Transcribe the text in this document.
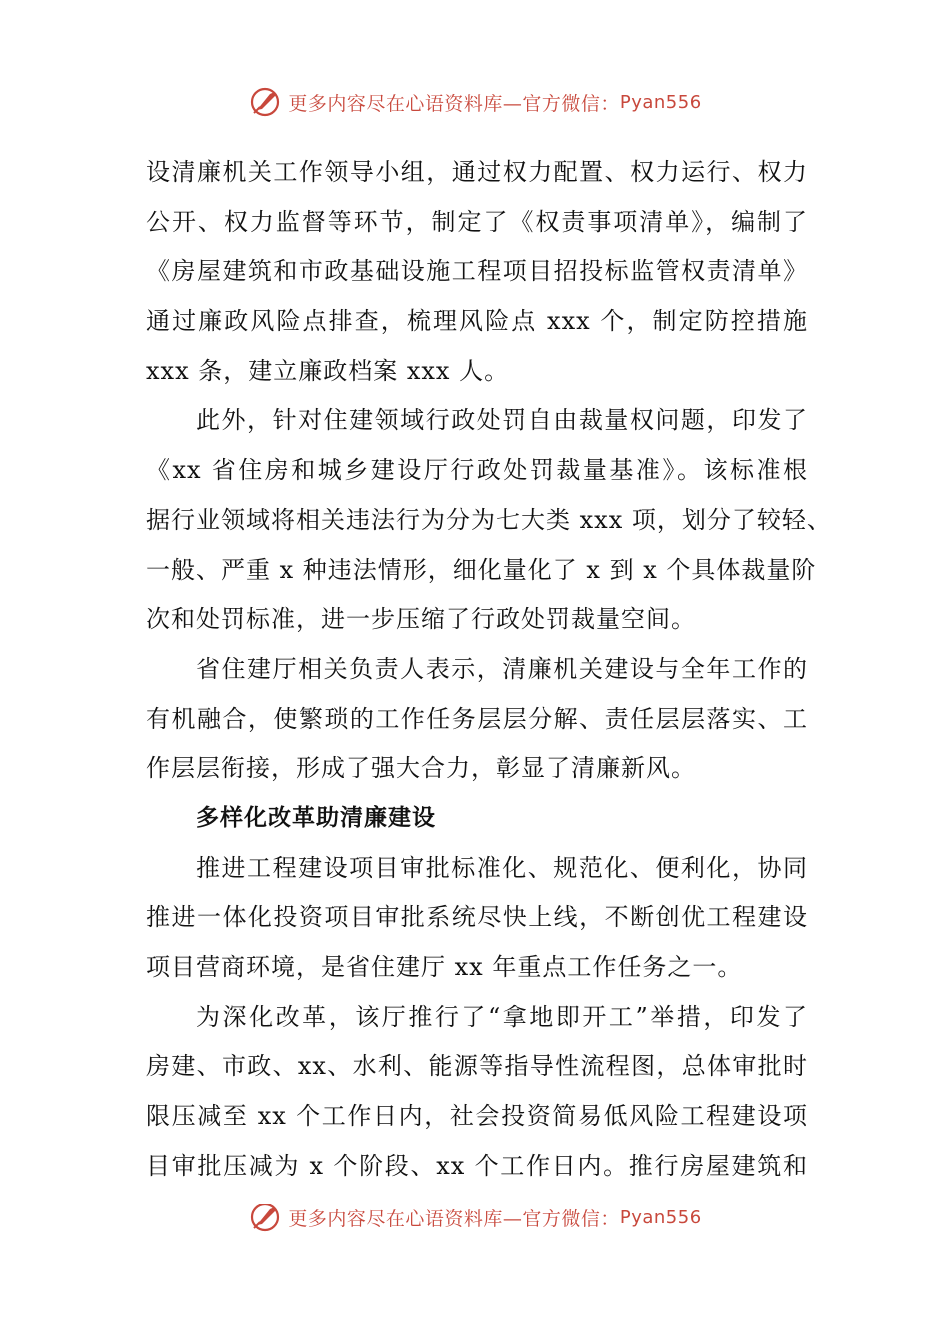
更多内容尽在心语资料库—官方微信： Pyan556
设清廉机关工作领导小组，通过权力配置、权力运行、权力
公开、权力监督等环节，制定了《权责事项清单》，编制了
《房屋建筑和市政基础设施工程项目招投标监管权责清单》
通过廉政风险点排查，梳理风险点 xxx 个，制定防控措施
xxx 条，建立廉政档案 xxx 人。
此外，针对住建领域行政处罚自由裁量权问题，印发了
《xx 省住房和城乡建设厅行政处罚裁量基准》。该标准根
据行业领域将相关违法行为分为七大类 xxx 项，划分了较轻、
一般、严重 x 种违法情形，细化量化了 x 到 x 个具体裁量阶
次和处罚标准，进一步压缩了行政处罚裁量空间。
省住建厅相关负责人表示，清廉机关建设与全年工作的
有机融合，使繁琐的工作任务层层分解、责任层层落实、工
作层层衔接，形成了强大合力，彰显了清廉新风。
多样化改革助清廉建设
推进工程建设项目审批标准化、规范化、便利化，协同
推进一体化投资项目审批系统尽快上线，不断创优工程建设
项目营商环境，是省住建厅 xx 年重点工作任务之一。
为深化改革，该厅推行了“拿地即开工”举措，印发了
房建、市政、xx、水利、能源等指导性流程图，总体审批时
限压减至 xx 个工作日内，社会投资简易低风险工程建设项
目审批压减为 x 个阶段、xx 个工作日内。推行房屋建筑和
更多内容尽在心语资料库—官方微信： Pyan556
